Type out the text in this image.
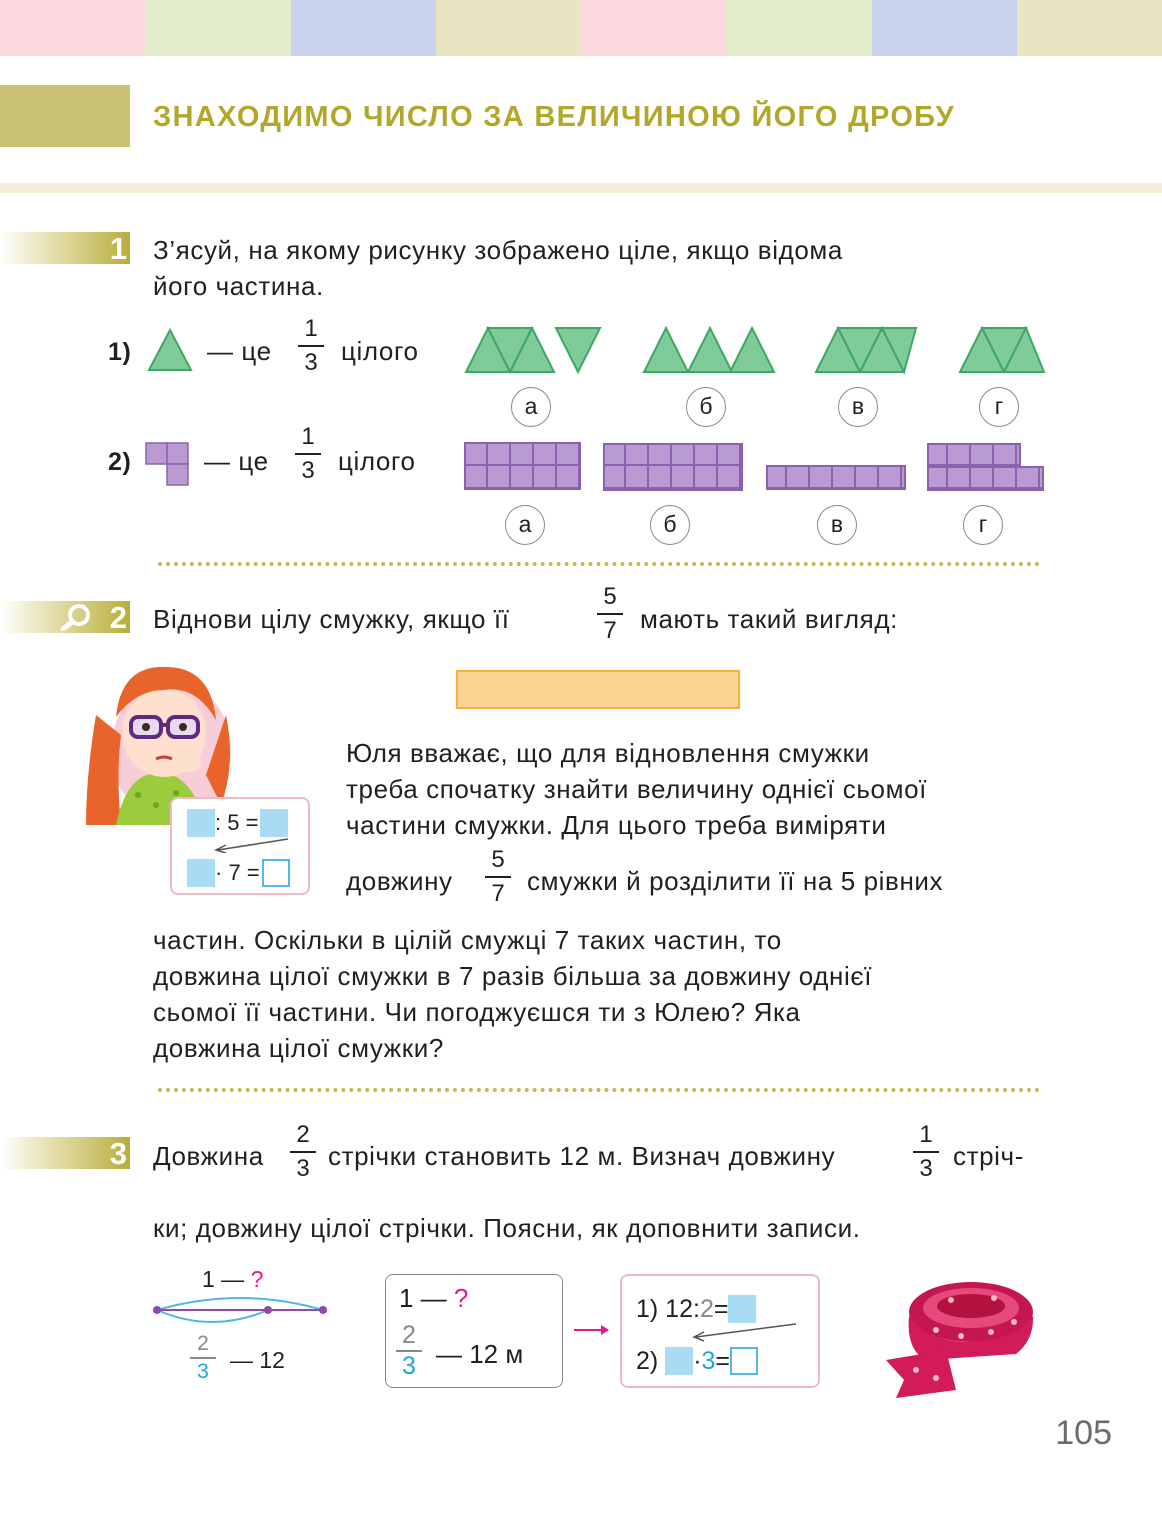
ЗНАХОДИМО ЧИСЛО ЗА ВЕЛИЧИНОЮ ЙОГО ДРОБУ
1 З’ясуй, на якому рисунку зображено ціле, якщо відома
його частина.
1)	— це
1
3 цілого
а	б	в	г
2)	— це
1
3 цілого
а	б	в	г
2 Віднови цілу смужку, якщо її
5
7 мають такий вигляд:
: 5 =
· 7 =
Юля вважає, що для відновлення смужки
треба спочатку знайти величину однієї сьомої
частини смужки. Для цього треба виміряти
довжину
5
7 смужки й розділити її на 5 рівних
частин. Оскільки в цілій смужці 7 таких частин, то
довжина цілої смужки в 7 разів більша за довжину однієї
сьомої її частини. Чи погоджуєшся ти з Юлею? Яка
довжина цілої смужки?
3 Довжина
2
3 стрічки становить 12 м. Визнач довжину
1
3 стріч-
ки; довжину цілої стрічки. Поясни, як доповнити записи.
1 — ?
2
3 — 12
1 — ?
2
3 — 12 м
1) 12:2=
2) ·3=
105
